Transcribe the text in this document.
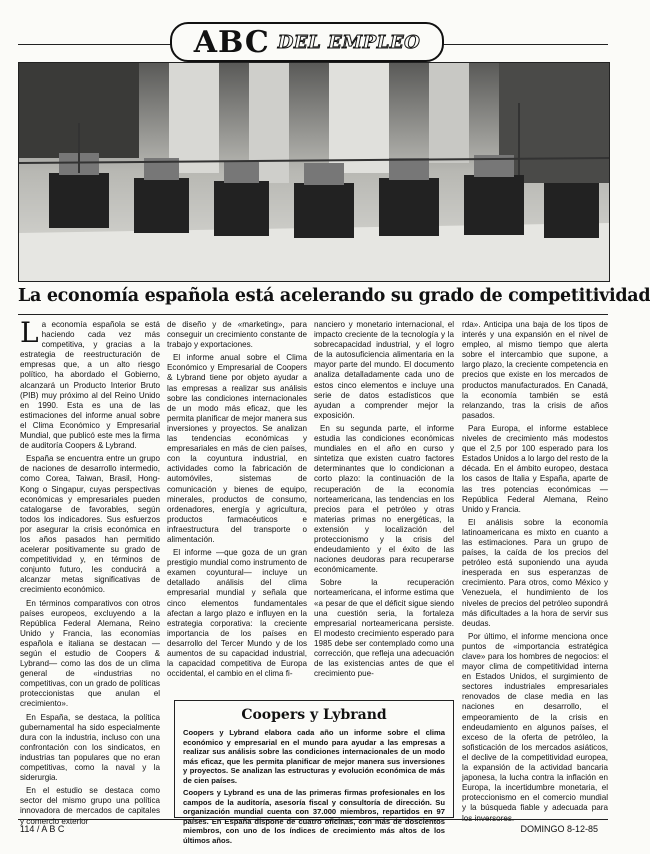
ABC DEL EMPLEO
La economía española está acelerando su grado de competitividad

La economía española se está haciendo cada vez más competitiva, y gracias a la estrategia de reestructuración de empresas que, a un alto riesgo político, ha abordado el Gobierno, alcanzará un Producto Interior Bruto (PIB) muy próximo al del Reino Unido en 1990. Esta es una de las estimaciones del informe anual sobre el Clima Económico y Empresarial Mundial, que publicó este mes la firma de auditoría Coopers & Lybrand.

España se encuentra entre un grupo de naciones de desarrollo intermedio, como Corea, Taiwan, Brasil, Hong-Kong o Singapur, cuyas perspectivas económicas y empresariales pueden catalogarse de favorables, según todos los indicadores. Sus esfuerzos por asegurar la crisis económica en los años pasados han permitido acelerar positivamente su grado de competitividad y, en términos de conjunto futuro, les conducirá a alcanzar metas significativas de crecimiento económico.

En términos comparativos con otros países europeos, excluyendo a la República Federal Alemana, Reino Unido y Francia, las economías española e italiana se destacan —según el estudio de Coopers & Lybrand— como las dos de un clima general de «industrias no competitivas, con un grado de políticas proteccionistas que anulan el crecimiento».

En España, se destaca, la política gubernamental ha sido especialmente dura con la industria, incluso con una confrontación con los sindicatos, en industrias tan populares que no eran competitivas, como la naval y la siderurgia.

En el estudio se destaca como sector del mismo grupo una política innovadora de mercados de capitales y comercio exterior

de diseño y de «marketing», para conseguir un crecimiento constante de trabajo y exportaciones.

El informe anual sobre el Clima Económico y Empresarial de Coopers & Lybrand tiene por objeto ayudar a las empresas a realizar sus análisis sobre las condiciones internacionales de un modo más eficaz, que les permita planificar de mejor manera sus inversiones y proyectos. Se analizan las tendencias económicas y empresariales en más de cien países, con la coyuntura industrial, en actividades como la fabricación de automóviles, sistemas de comunicación y bienes de equipo, minerales, productos de consumo, ordenadores, energía y agricultura, productos farmacéuticos e infraestructura del transporte o alimentación.

El informe —que goza de un gran prestigio mundial como instrumento de examen coyuntural— incluye un detallado análisis del clima empresarial mundial y señala que cinco elementos fundamentales afectan a largo plazo e influyen en la estrategia corporativa: la creciente importancia de los países en desarrollo del Tercer Mundo y de los aumentos de su capacidad industrial, la capacidad competitiva de Europa occidental, el cambio en el clima fi-

nanciero y monetario internacional, el impacto creciente de la tecnología y la sobrecapacidad industrial, y el logro de la autosuficiencia alimentaria en la mayor parte del mundo. El documento analiza detalladamente cada uno de estos cinco elementos e incluye una serie de datos estadísticos que ayudan a comprender mejor la exposición.

En su segunda parte, el informe estudia las condiciones económicas mundiales en el año en curso y sintetiza que existen cuatro factores determinantes que lo condicionan a corto plazo: la continuación de la recuperación de la economía norteamericana, las tendencias en los precios para el petróleo y otras materias primas no energéticas, la extensión y localización del proteccionismo y la crisis del endeudamiento y el éxito de las naciones deudoras para recuperarse económicamente.

Sobre la recuperación norteamericana, el informe estima que «a pesar de que el déficit sigue siendo una cuestión seria, la fortaleza empresarial norteamericana persiste. El modesto crecimiento esperado para 1985 debe ser contemplado como una corrección, que refleja una adecuación de las existencias antes de que el crecimiento pue-

rda». Anticipa una baja de los tipos de interés y una expansión en el nivel de empleo, al mismo tiempo que alerta sobre el intercambio que supone, a largo plazo, la creciente competencia en precios que existe en los mercados de productos manufacturados. En Canadá, la economía también se está relanzando, tras la crisis de años pasados.

Para Europa, el informe establece niveles de crecimiento más modestos que el 2,5 por 100 esperado para los Estados Unidos a lo largo del resto de la década. En el ámbito europeo, destaca los casos de Italia y España, aparte de las tres potencias económicas —República Federal Alemana, Reino Unido y Francia.

El análisis sobre la economía latinoamericana es mixto en cuanto a las estimaciones. Para un grupo de países, la caída de los precios del petróleo está suponiendo una ayuda inesperada en sus esperanzas de crecimiento. Para otros, como México y Venezuela, el hundimiento de los niveles de precios del petróleo supondrá más dificultades a la hora de servir sus deudas.

Por último, el informe menciona once puntos de «importancia estratégica clave» para los hombres de negocios: el mayor clima de competitividad interna en Estados Unidos, el surgimiento de sectores industriales empresariales renovados de clase media en las naciones en desarrollo, el empeoramiento de la crisis en endeudamiento en algunos países, el exceso de la oferta de petróleo, la sofisticación de los mercados asiáticos, el declive de la competitividad europea, la expansión de la actividad bancaria japonesa, la lucha contra la inflación en Europa, la incertidumbre monetaria, el proteccionismo en el comercio mundial y la búsqueda fiable y adecuada para los inversores.

Coopers y Lybrand

Coopers y Lybrand elabora cada año un informe sobre el clima económico y empresarial en el mundo para ayudar a las empresas a realizar sus análisis sobre las condiciones internacionales de un modo más eficaz, que les permita planificar de mejor manera sus inversiones y proyectos. Se analizan las estructuras y evolución económica de más de cien países.

Coopers y Lybrand es una de las primeras firmas profesionales en los campos de la auditoría, asesoría fiscal y consultoría de dirección. Su organización mundial cuenta con 37.000 miembros, repartidos en 97 países. En España dispone de cuatro oficinas, con más de doscientos miembros, con uno de los índices de crecimiento más altos de los últimos años.

114 / A B C	DOMINGO 8-12-85
